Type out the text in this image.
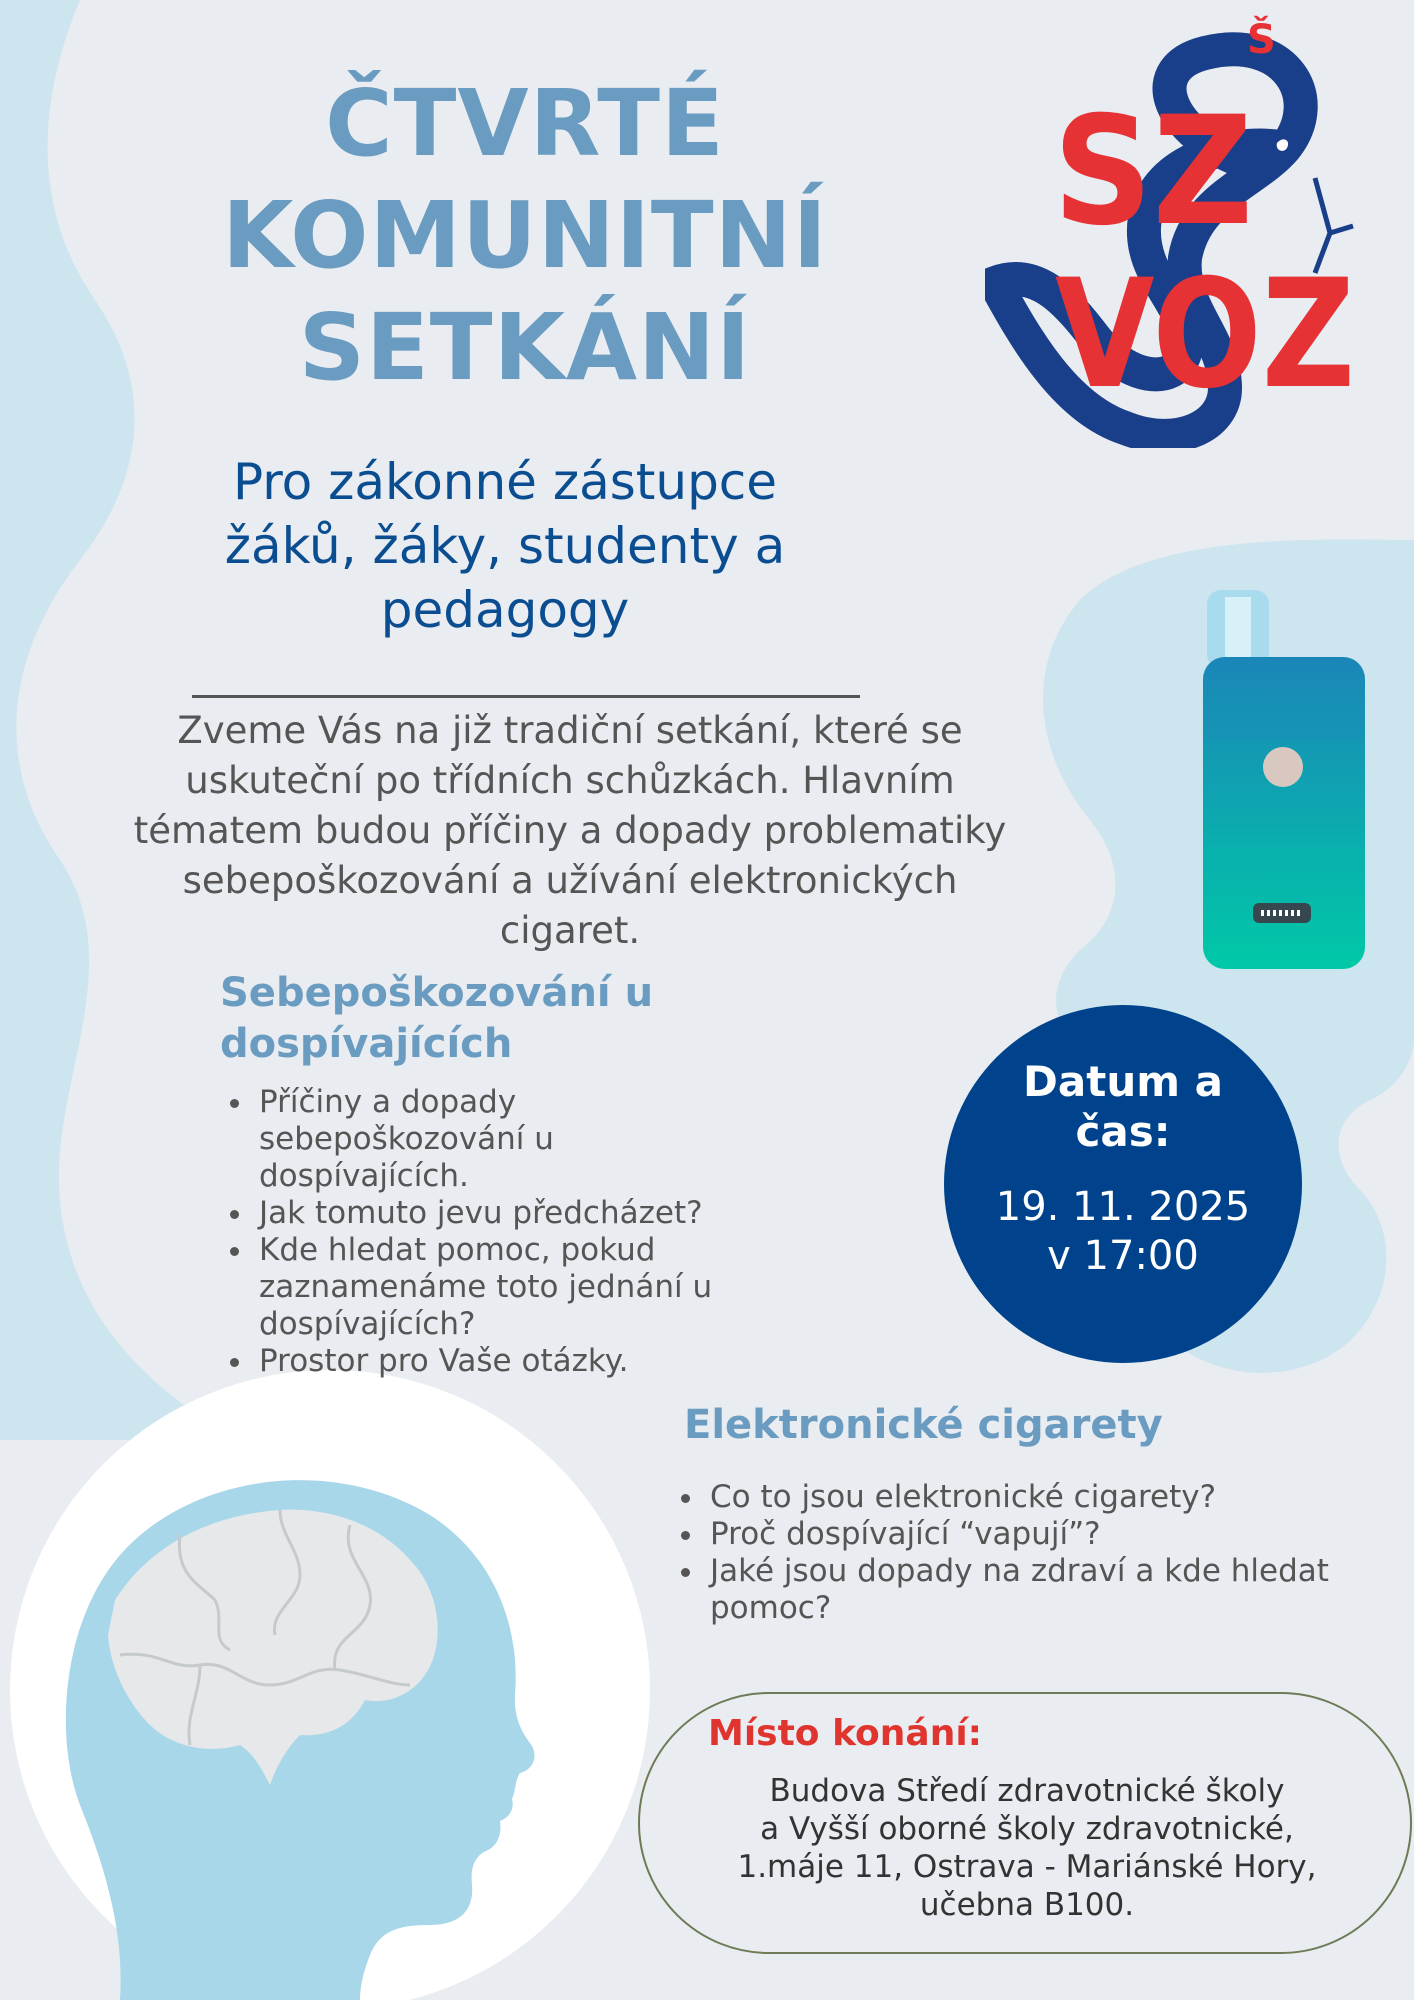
Š
SZ
VOZ
ČTVRTÉ
KOMUNITNÍ
SETKÁNÍ
Pro zákonné zástupce
žáků, žáky, studenty a
pedagogy
Zveme Vás na již tradiční setkání, které se
uskuteční po třídních schůzkách. Hlavním
tématem budou příčiny a dopady problematiky
sebepoškozování a užívání elektronických
cigaret.
Sebepoškozování u
dospívajících
Příčiny a dopady
sebepoškozování u
dospívajících.
Jak tomuto jevu předcházet?
Kde hledat pomoc, pokud
zaznamenáme toto jednání u
dospívajících?
Prostor pro Vaše otázky.
Datum a
čas:
19. 11. 2025
v 17:00
Elektronické cigarety
Co to jsou elektronické cigarety?
Proč dospívající “vapují”?
Jaké jsou dopady na zdraví a kde hledat
pomoc?
Místo konání:
Budova Středí zdravotnické školy
a Vyšší oborné školy zdravotnické,
1.máje 11, Ostrava - Mariánské Hory,
učebna B100.
